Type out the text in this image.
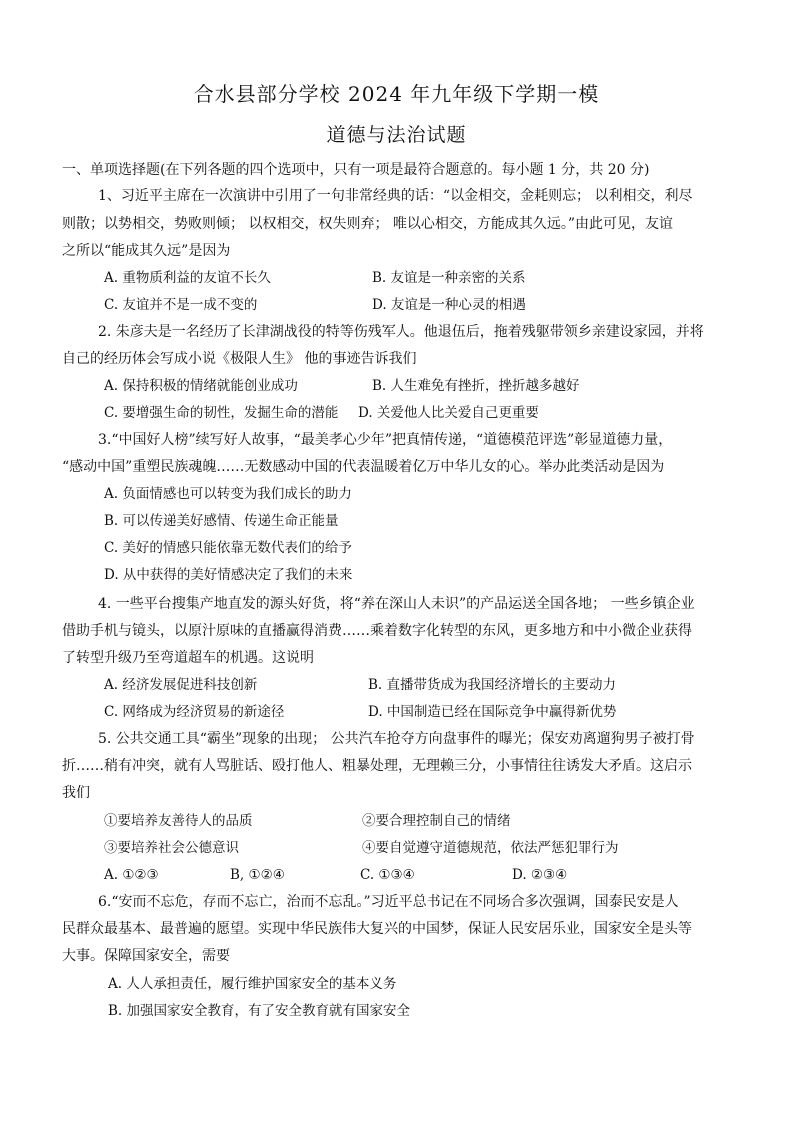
合水县部分学校 2024 年九年级下学期一模
道德与法治试题
一、单项选择题(在下列各题的四个选项中，只有一项是最符合题意的。每小题 1 分，共 20 分)
1、习近平主席在一次演讲中引用了一句非常经典的话：“以金相交，金耗则忘； 以利相交，利尽
则散；以势相交，势败则倾； 以权相交，权失则弃； 唯以心相交，方能成其久远。”由此可见，友谊
之所以“能成其久远”是因为
A. 重物质利益的友谊不长久	B. 友谊是一种亲密的关系
C. 友谊并不是一成不变的	D. 友谊是一种心灵的相遇
2. 朱彦夫是一名经历了长津湖战役的特等伤残军人。他退伍后，拖着残躯带领乡亲建设家园，并将
自己的经历体会写成小说《极限人生》 他的事迹告诉我们
A. 保持积极的情绪就能创业成功	B. 人生难免有挫折，挫折越多越好
C. 要增强生命的韧性，发掘生命的潜能 D. 关爱他人比关爱自己更重要
3.“中国好人榜”续写好人故事，“最美孝心少年”把真情传递，“道德模范评选”彰显道德力量，
“感动中国”重塑民族魂魄……无数感动中国的代表温暖着亿万中华儿女的心。举办此类活动是因为
A. 负面情感也可以转变为我们成长的助力
B. 可以传递美好感情、传递生命正能量
C. 美好的情感只能依靠无数代表们的给予
D. 从中获得的美好情感决定了我们的未来
4. 一些平台搜集产地直发的源头好货，将“养在深山人未识”的产品运送全国各地； 一些乡镇企业
借助手机与镜头，以原汁原味的直播赢得消费……乘着数字化转型的东风，更多地方和中小微企业获得
了转型升级乃至弯道超车的机遇。这说明
A. 经济发展促进科技创新	B. 直播带货成为我国经济增长的主要动力
C. 网络成为经济贸易的新途径	D. 中国制造已经在国际竞争中赢得新优势
5. 公共交通工具“霸坐”现象的出现； 公共汽车抢夺方向盘事件的曝光；保安劝离遛狗男子被打骨
折……稍有冲突，就有人骂脏话、殴打他人、粗暴处理，无理赖三分，小事情往往诱发大矛盾。这启示
我们
①要培养友善待人的品质	②要合理控制自己的情绪
③要培养社会公德意识	④要自觉遵守道德规范，依法严惩犯罪行为
A. ①②③	B, ①②④	C. ①③④	D. ②③④
6.“安而不忘危，存而不忘亡，治而不忘乱。”习近平总书记在不同场合多次强调，国泰民安是人
民群众最基本、最普遍的愿望。实现中华民族伟大复兴的中国梦，保证人民安居乐业，国家安全是头等
大事。保障国家安全，需要
A. 人人承担责任，履行维护国家安全的基本义务
B. 加强国家安全教育，有了安全教育就有国家安全
